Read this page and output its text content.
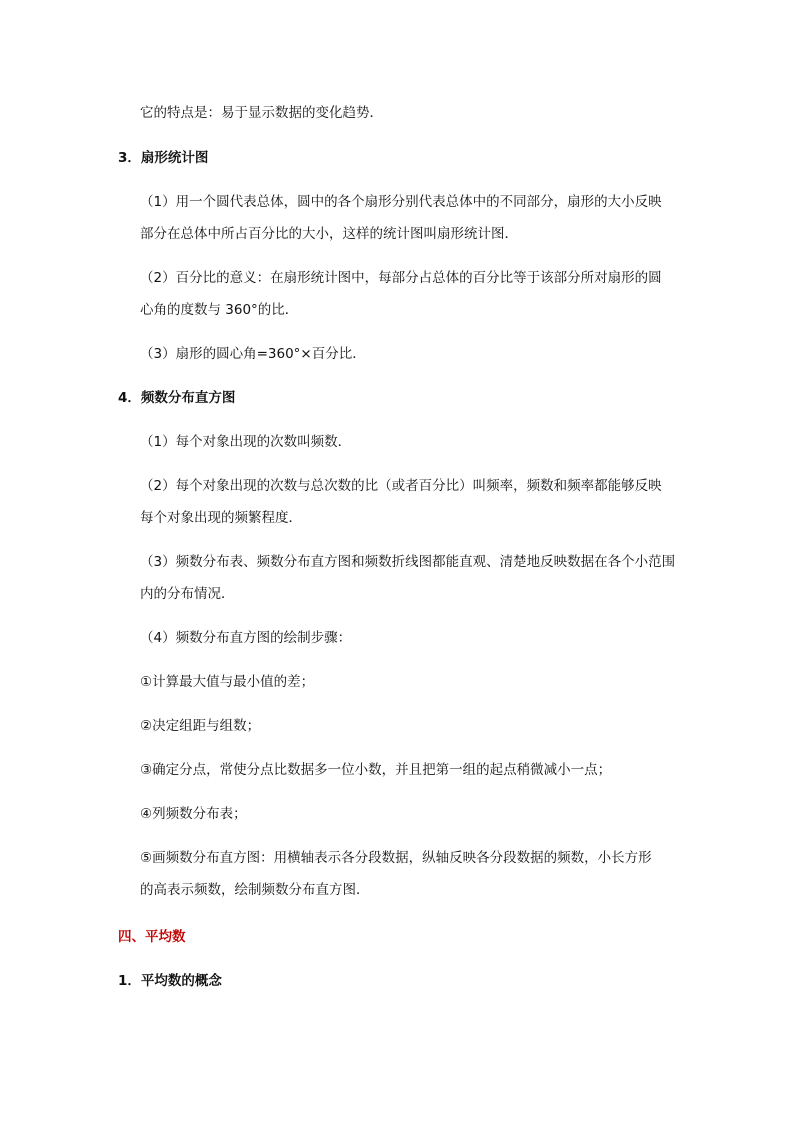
它的特点是：易于显示数据的变化趋势．
3．扇形统计图
（1）用一个圆代表总体，圆中的各个扇形分别代表总体中的不同部分，扇形的大小反映
部分在总体中所占百分比的大小，这样的统计图叫扇形统计图．
（2）百分比的意义：在扇形统计图中，每部分占总体的百分比等于该部分所对扇形的圆
心角的度数与 360°的比．
（3）扇形的圆心角=360°×百分比．
4．频数分布直方图
（1）每个对象出现的次数叫频数．
（2）每个对象出现的次数与总次数的比（或者百分比）叫频率，频数和频率都能够反映
每个对象出现的频繁程度．
（3）频数分布表、频数分布直方图和频数折线图都能直观、清楚地反映数据在各个小范围
内的分布情况．
（4）频数分布直方图的绘制步骤：
①计算最大值与最小值的差；
②决定组距与组数；
③确定分点，常使分点比数据多一位小数，并且把第一组的起点稍微减小一点；
④列频数分布表；
⑤画频数分布直方图：用横轴表示各分段数据，纵轴反映各分段数据的频数，小长方形
的高表示频数，绘制频数分布直方图．
四、平均数
1．平均数的概念
